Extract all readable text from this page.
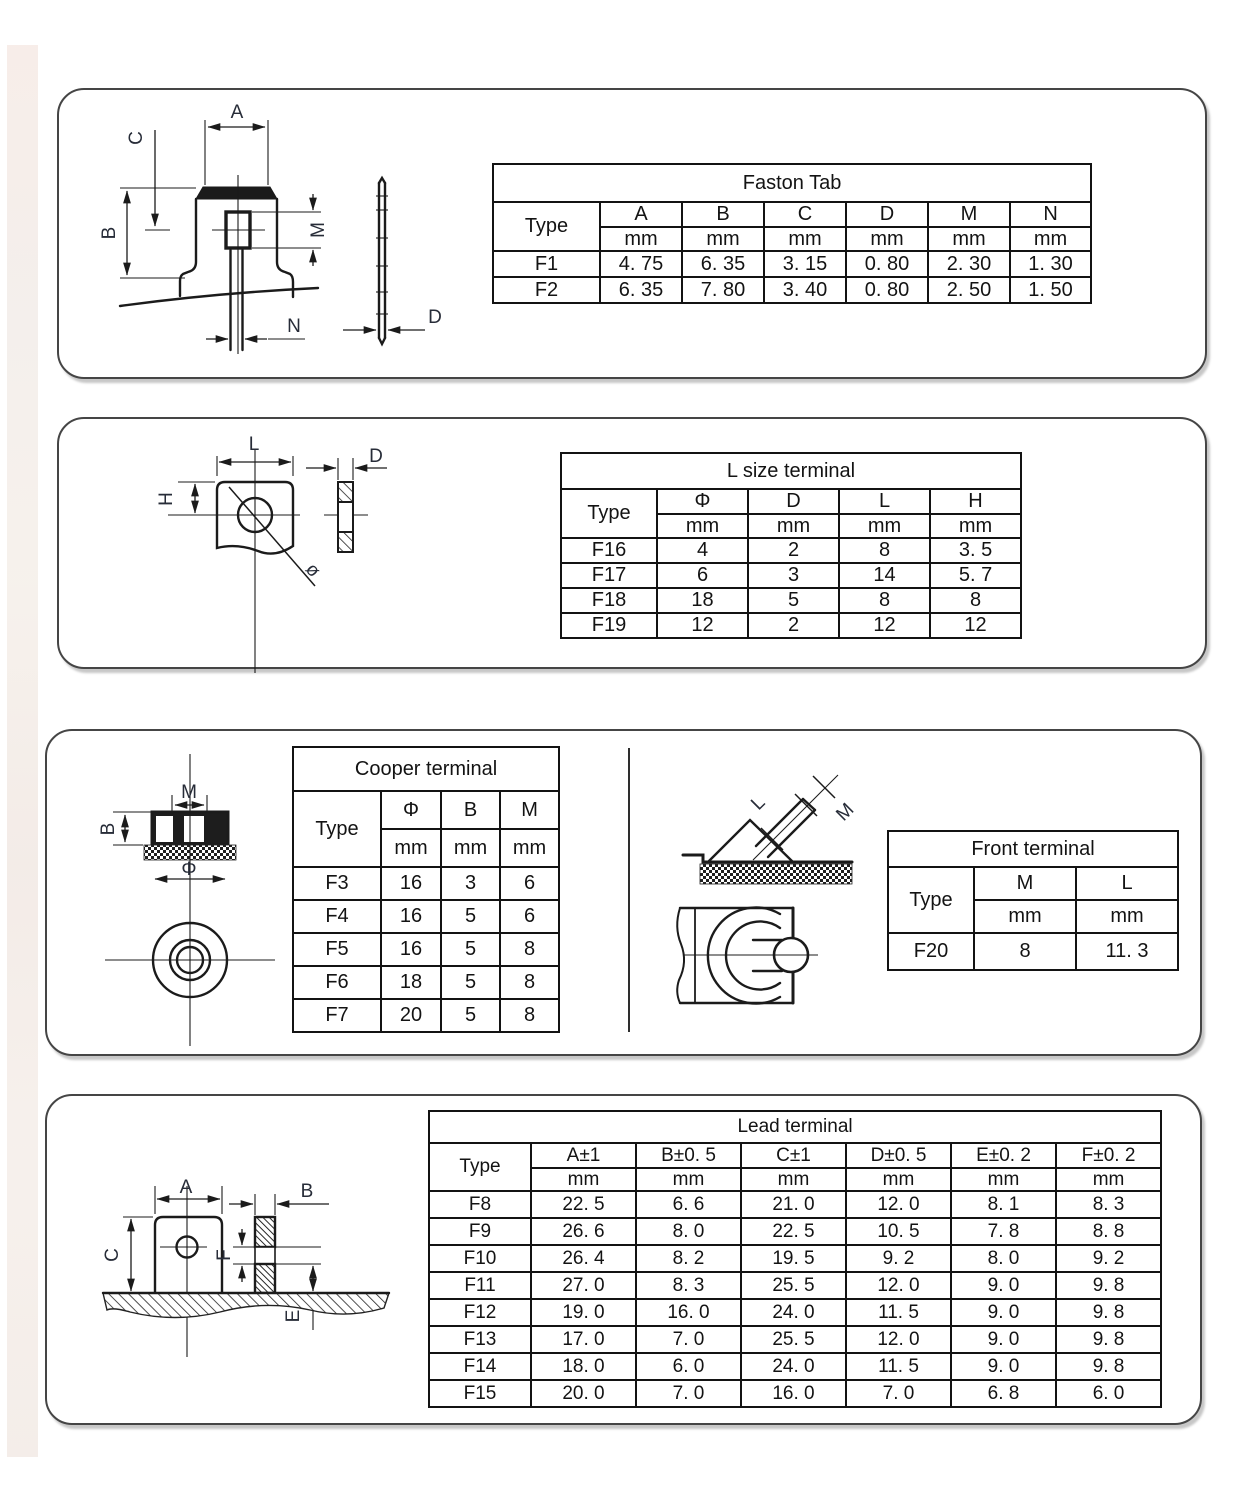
A
C
B	M
N	D
L
H
D
ø
M
B
Φ
L	M
A	B
C	F
E
Faston Tab						
Type	A	B	C	D	M	N
	mm	mm	mm	mm	mm	mm
F1	4. 75	6. 35	3. 15	0. 80	2. 30	1. 30
F2	6. 35	7. 80	3. 40	0. 80	2. 50	1. 50
L size terminal				
Type	Φ	D	L	H
	mm	mm	mm	mm
F16	4	2	8	3. 5
F17	6	3	14	5. 7
F18	18	5	8	8
F19	12	2	12	12
Cooper terminal			
Type	Φ	B	M
	mm	mm	mm
F3	16	3	6
F4	16	5	6
F5	16	5	8
F6	18	5	8
F7	20	5	8
Front terminal		
Type	M	L
	mm	mm
F20	8	11. 3
Lead terminal						
Type	A±1	B±0. 5	C±1	D±0. 5	E±0. 2	F±0. 2
	mm	mm	mm	mm	mm	mm
F8	22. 5	6. 6	21. 0	12. 0	8. 1	8. 3
F9	26. 6	8. 0	22. 5	10. 5	7. 8	8. 8
F10	26. 4	8. 2	19. 5	9. 2	8. 0	9. 2
F11	27. 0	8. 3	25. 5	12. 0	9. 0	9. 8
F12	19. 0	16. 0	24. 0	11. 5	9. 0	9. 8
F13	17. 0	7. 0	25. 5	12. 0	9. 0	9. 8
F14	18. 0	6. 0	24. 0	11. 5	9. 0	9. 8
F15	20. 0	7. 0	16. 0	7. 0	6. 8	6. 0
